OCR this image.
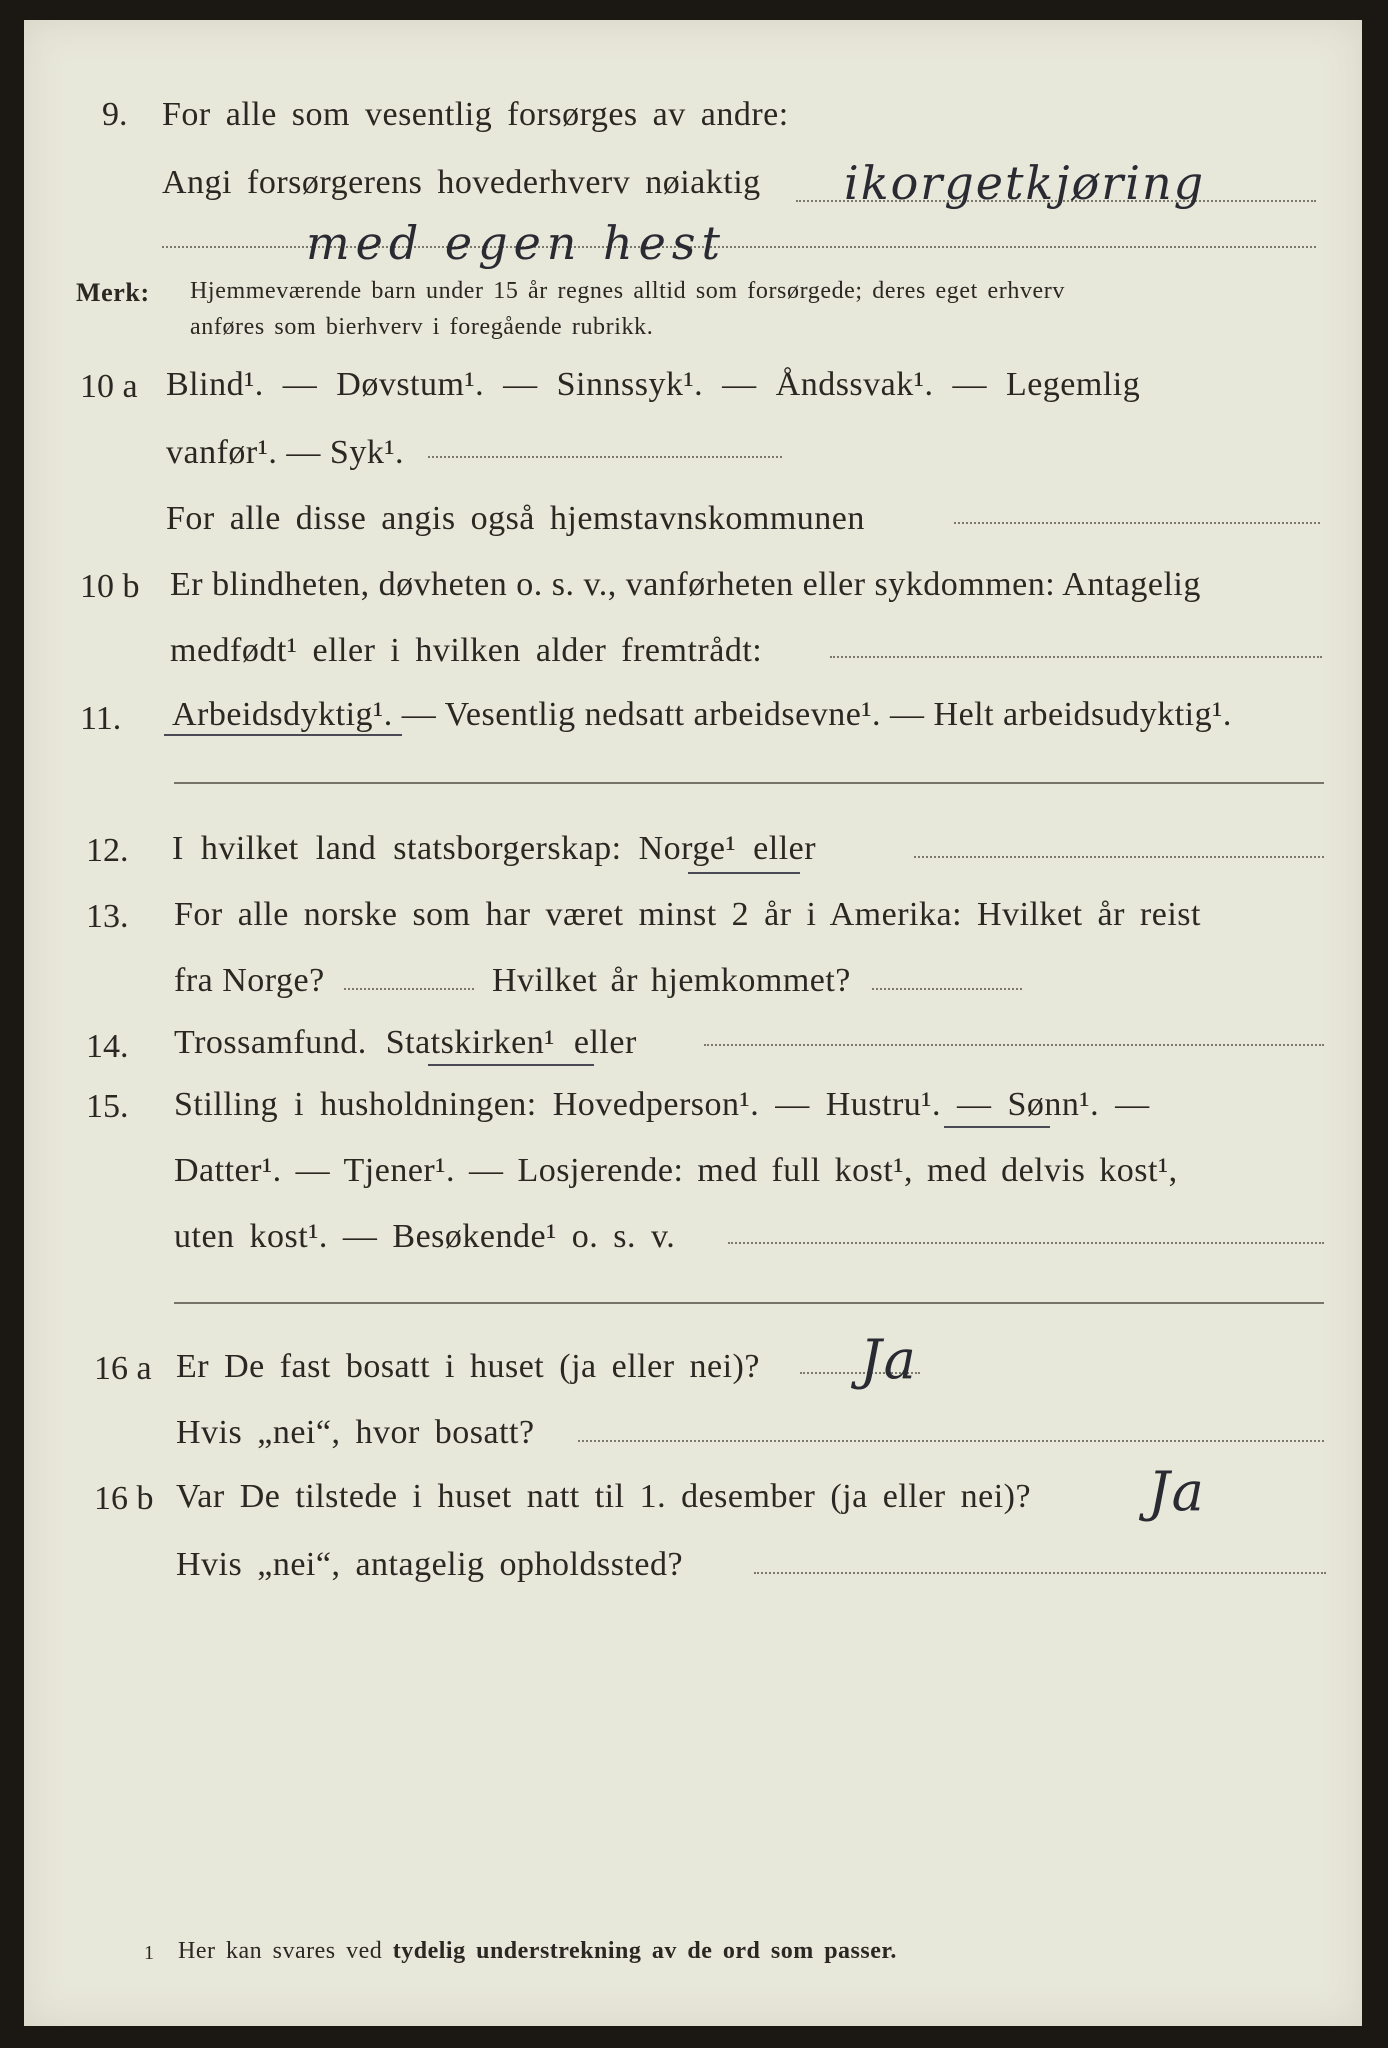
9. For alle som vesentlig forsørges av andre:
Angi forsørgerens hovederhverv nøiaktig ikorgetkjøring
med egen hest
Merk: Hjemmeværende barn under 15 år regnes alltid som forsørgede; deres eget erhverv
anføres som bierhverv i foregående rubrikk.
10 a Blind¹. — Døvstum¹. — Sinnssyk¹. — Åndssvak¹. — Legemlig
vanfør¹. — Syk¹.
For alle disse angis også hjemstavnskommunen
10 b Er blindheten, døvheten o. s. v., vanførheten eller sykdommen: Antagelig
medfødt¹ eller i hvilken alder fremtrådt:
11. Arbeidsdyktig¹. — Vesentlig nedsatt arbeidsevne¹. — Helt arbeidsudyktig¹.
12. I hvilket land statsborgerskap: Norge¹ eller
13. For alle norske som har været minst 2 år i Amerika: Hvilket år reist
fra Norge?	Hvilket år hjemkommet?
14. Trossamfund. Statskirken¹ eller
15. Stilling i husholdningen: Hovedperson¹. — Hustru¹. — Sønn¹. —
Datter¹. — Tjener¹. — Losjerende: med full kost¹, med delvis kost¹,
uten kost¹. — Besøkende¹ o. s. v.
16 a Er De fast bosatt i huset (ja eller nei)? Ja
Hvis „nei“, hvor bosatt?
16 b Var De tilstede i huset natt til 1. desember (ja eller nei)? Ja
Hvis „nei“, antagelig opholdssted?
1 Her kan svares ved tydelig understrekning av de ord som passer.
